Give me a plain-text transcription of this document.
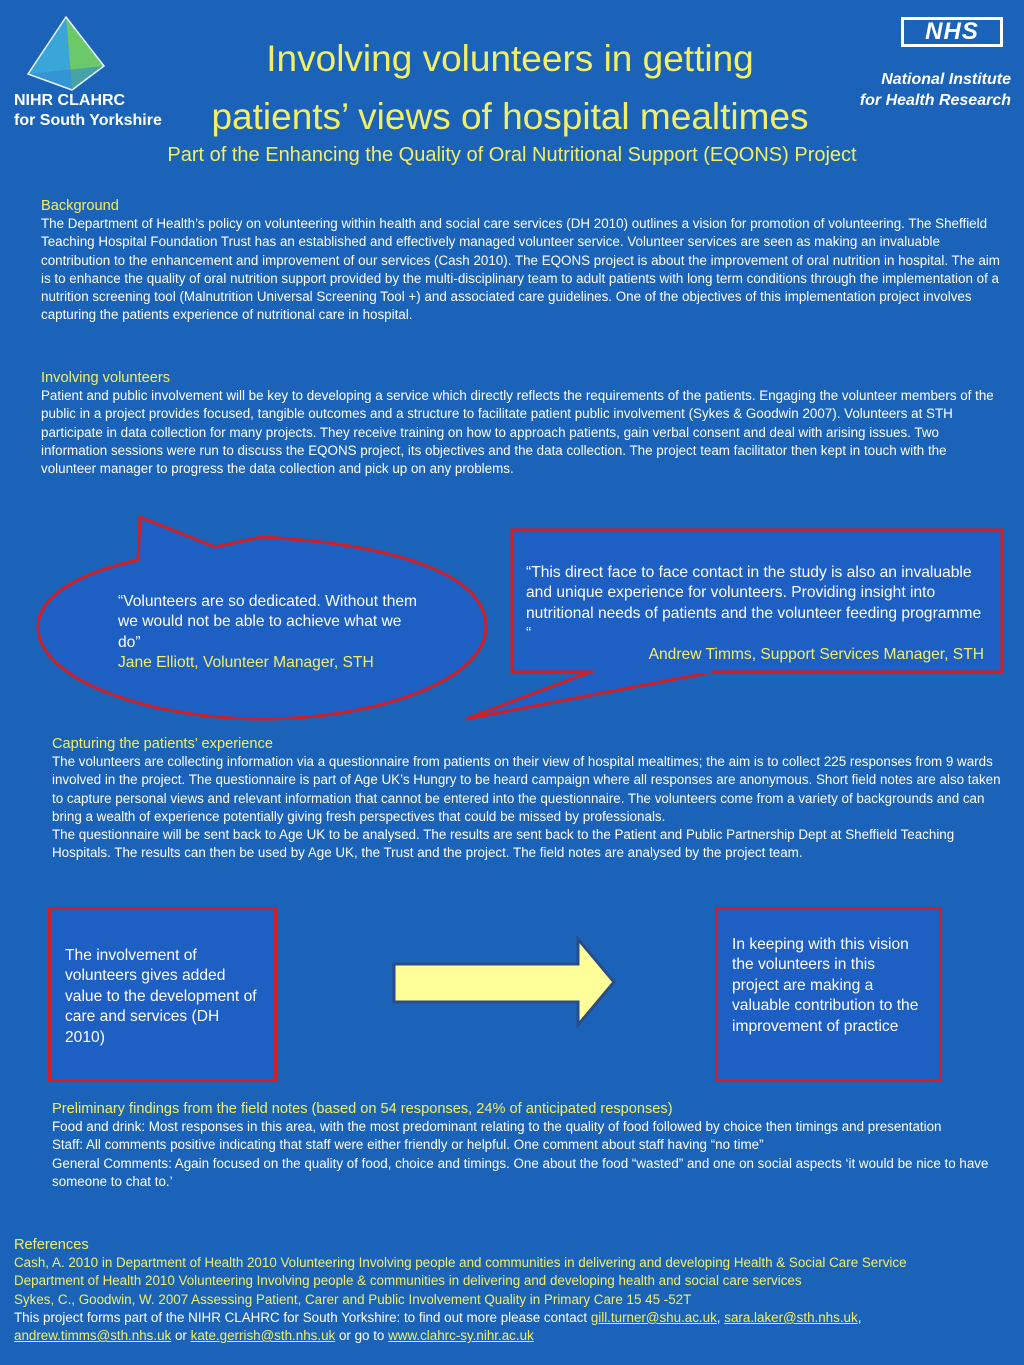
NIHR CLAHRC
for South Yorkshire
Involving volunteers in getting
patients’ views of hospital mealtimes
NHS
National Institute
for Health Research
Part of the Enhancing the Quality of Oral Nutritional Support (EQONS) Project
Background
The Department of Health’s policy on volunteering within health and social care services (DH 2010) outlines a vision for promotion of volunteering. The Sheffield Teaching Hospital Foundation Trust has an established and effectively managed volunteer service. Volunteer services are seen as making an invaluable contribution to the enhancement and improvement of our services (Cash 2010). The EQONS project is about the improvement of oral nutrition in hospital. The aim is to enhance the quality of oral nutrition support provided by the multi-disciplinary team to adult patients with long term conditions through the implementation of a nutrition screening tool (Malnutrition Universal Screening Tool +) and associated care guidelines. One of the objectives of this implementation project involves capturing the patients experience of nutritional care in hospital.
Involving volunteers
Patient and public involvement will be key to developing a service which directly reflects the requirements of the patients. Engaging the volunteer members of the public in a project provides focused, tangible outcomes and a structure to facilitate patient public involvement (Sykes & Goodwin 2007). Volunteers at STH participate in data collection for many projects. They receive training on how to approach patients, gain verbal consent and deal with arising issues. Two information sessions were run to discuss the EQONS project, its objectives and the data collection. The project team facilitator then kept in touch with the volunteer manager to progress the data collection and pick up on any problems.
“Volunteers are so dedicated. Without them we would not be able to achieve what we do”
Jane Elliott, Volunteer Manager, STH
“This direct face to face contact in the study is also an invaluable and unique experience for volunteers. Providing insight into nutritional needs of patients and the volunteer feeding programme “
Andrew Timms, Support Services Manager, STH
Capturing the patients’ experience
The volunteers are collecting information via a questionnaire from patients on their view of hospital mealtimes; the aim is to collect 225 responses from 9 wards involved in the project. The questionnaire is part of Age UK’s Hungry to be heard campaign where all responses are anonymous. Short field notes are also taken to capture personal views and relevant information that cannot be entered into the questionnaire. The volunteers come from a variety of backgrounds and can bring a wealth of experience potentially giving fresh perspectives that could be missed by professionals.
The questionnaire will be sent back to Age UK to be analysed. The results are sent back to the Patient and Public Partnership Dept at Sheffield Teaching Hospitals. The results can then be used by Age UK, the Trust and the project. The field notes are analysed by the project team.
The involvement of volunteers gives added value to the development of care and services (DH 2010)
In keeping with this vision the volunteers in this project are making a valuable contribution to the improvement of practice
Preliminary findings from the field notes (based on 54 responses, 24% of anticipated responses)
Food and drink: Most responses in this area, with the most predominant relating to the quality of food followed by choice then timings and presentation
Staff: All comments positive indicating that staff were either friendly or helpful. One comment about staff having “no time”
General Comments: Again focused on the quality of food, choice and timings. One about the food “wasted” and one on social aspects ‘it would be nice to have someone to chat to.’
References
Cash, A. 2010 in Department of Health 2010 Volunteering Involving people and communities in delivering and developing Health & Social Care Service
Department of Health 2010 Volunteering Involving people & communities in delivering and developing health and social care services
Sykes, C., Goodwin, W. 2007 Assessing Patient, Carer and Public Involvement Quality in Primary Care 15 45 -52T
This project forms part of the NIHR CLAHRC for South Yorkshire: to find out more please contact gill.turner@shu.ac.uk, sara.laker@sth.nhs.uk, andrew.timms@sth.nhs.uk or kate.gerrish@sth.nhs.uk or go to www.clahrc-sy.nihr.ac.uk
